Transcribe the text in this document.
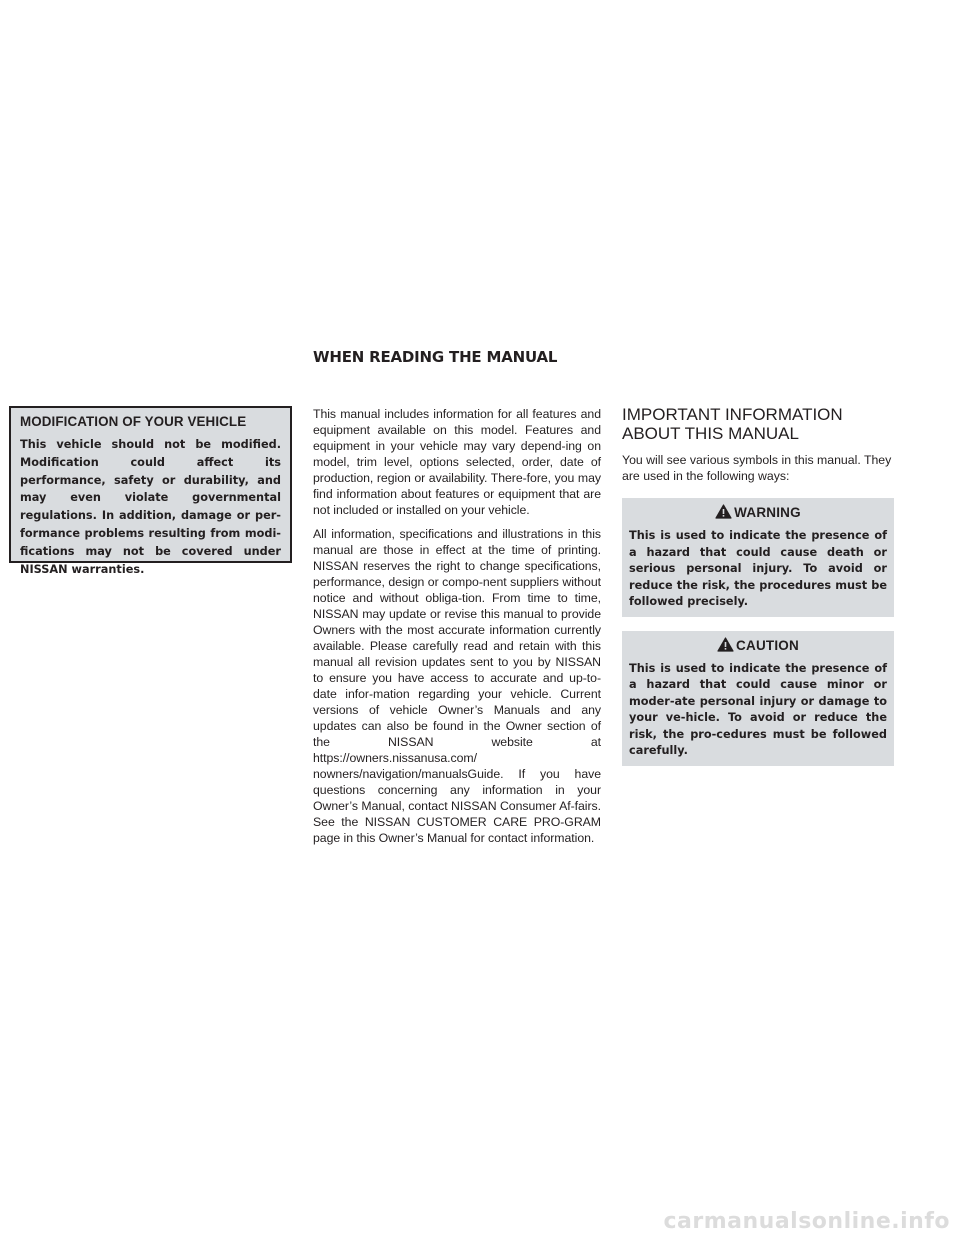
WHEN READING THE MANUAL
MODIFICATION OF YOUR VEHICLE

This vehicle should not be modified. Modification could affect its performance, safety or durability, and may even violate governmental regulations. In addition, damage or per-formance problems resulting from modi-fications may not be covered under NISSAN warranties.

This manual includes information for all features and equipment available on this model. Features and equipment in your vehicle may vary depend-ing on model, trim level, options selected, order, date of production, region or availability. There-fore, you may find information about features or equipment that are not included or installed on your vehicle.

All information, specifications and illustrations in this manual are those in effect at the time of printing. NISSAN reserves the right to change specifications, performance, design or compo-nent suppliers without notice and without obliga-tion. From time to time, NISSAN may update or revise this manual to provide Owners with the most accurate information currently available. Please carefully read and retain with this manual all revision updates sent to you by NISSAN to ensure you have access to accurate and up-to-date infor-mation regarding your vehicle. Current versions of vehicle Owner’s Manuals and any updates can also be found in the Owner section of the NISSAN website at https://owners.nissanusa.com/ nowners/navigation/manualsGuide. If you have questions concerning any information in your Owner’s Manual, contact NISSAN Consumer Af-fairs. See the NISSAN CUSTOMER CARE PRO-GRAM page in this Owner’s Manual for contact information.

IMPORTANT INFORMATION ABOUT THIS MANUAL

You will see various symbols in this manual. They are used in the following ways:

WARNING

This is used to indicate the presence of a hazard that could cause death or serious personal injury. To avoid or reduce the risk, the procedures must be followed precisely.

CAUTION

This is used to indicate the presence of a hazard that could cause minor or moder-ate personal injury or damage to your ve-hicle. To avoid or reduce the risk, the pro-cedures must be followed carefully.

carmanualsonline.info
